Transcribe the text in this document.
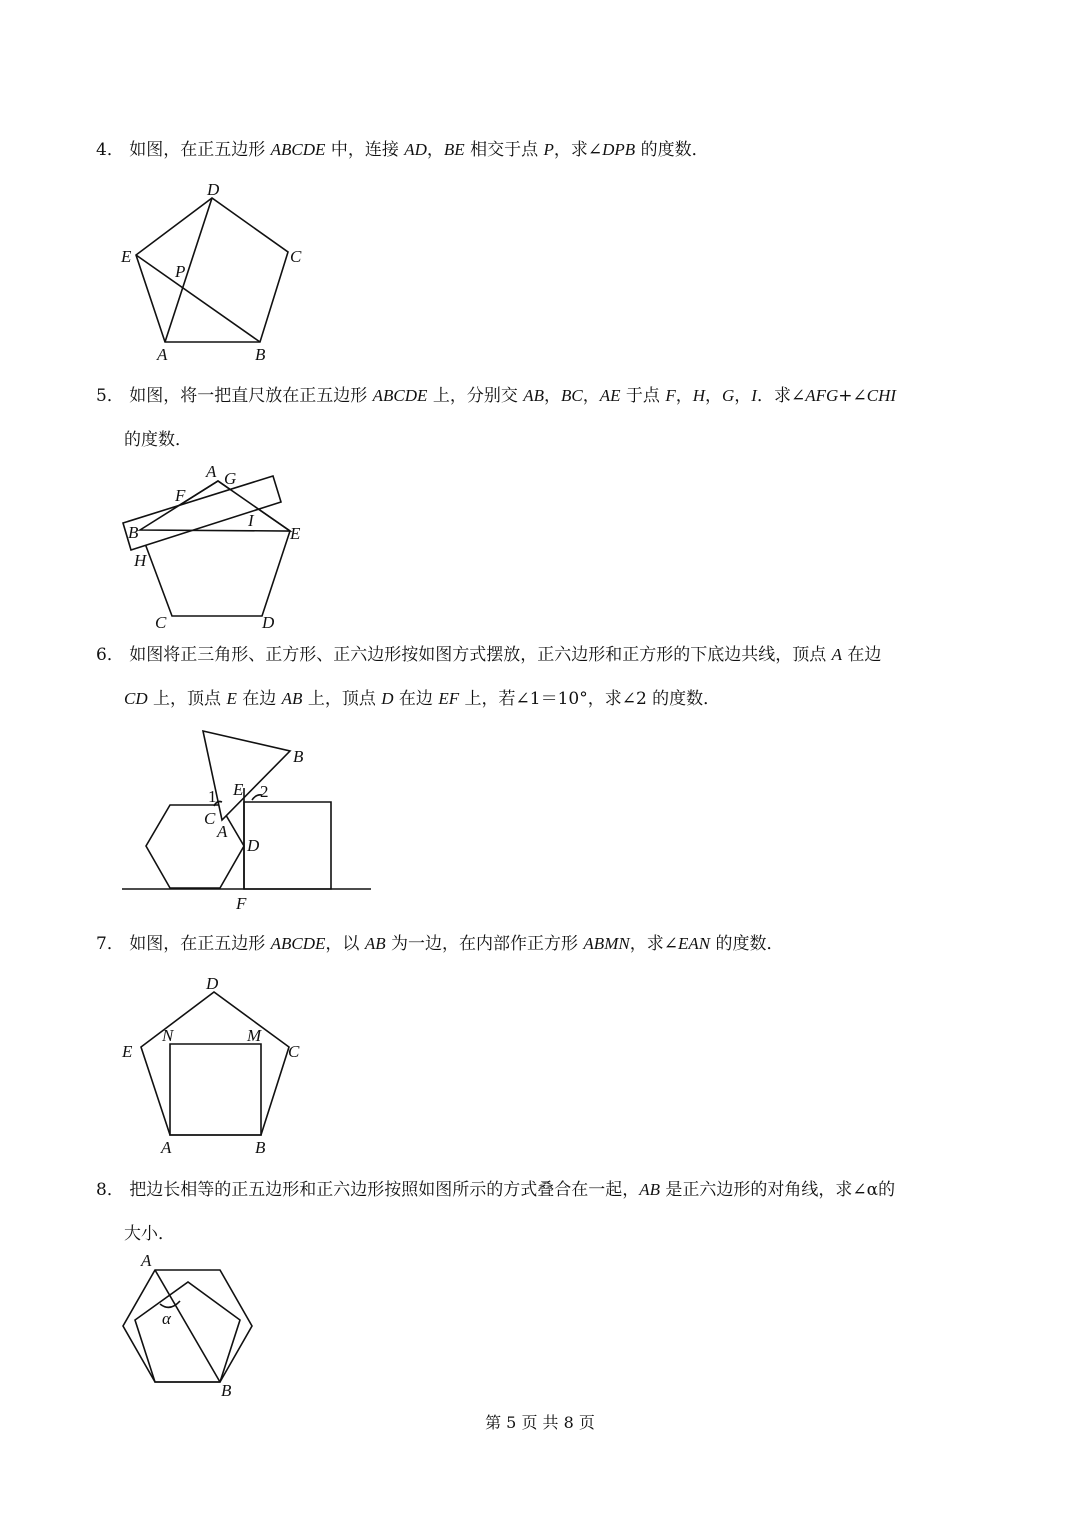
4． 如图，在正五边形 ABCDE 中，连接 AD，BE 相交于点 P，求∠DPB 的度数．
5． 如图，将一把直尺放在正五边形 ABCDE 上，分别交 AB，BC，AE 于点 F，H，G，I．求∠AFG+∠CHI
的度数．
6． 如图将正三角形、正方形、正六边形按如图方式摆放，正六边形和正方形的下底边共线，顶点 A 在边
CD 上，顶点 E 在边 AB 上，顶点 D 在边 EF 上，若∠1＝10°，求∠2 的度数．
7． 如图，在正五边形 ABCDE，以 AB 为一边，在内部作正方形 ABMN，求∠EAN 的度数．
8． 把边长相等的正五边形和正六边形按照如图所示的方式叠合在一起，AB 是正六边形的对角线，求∠α的
大小．
D
E	C
P
A	B
A G
F
B
I
E
H
C	D
B
E
1	2
C
A
D
F
D
N	M
E	C
A	B
A
α
B
第 5 页 共 8 页
